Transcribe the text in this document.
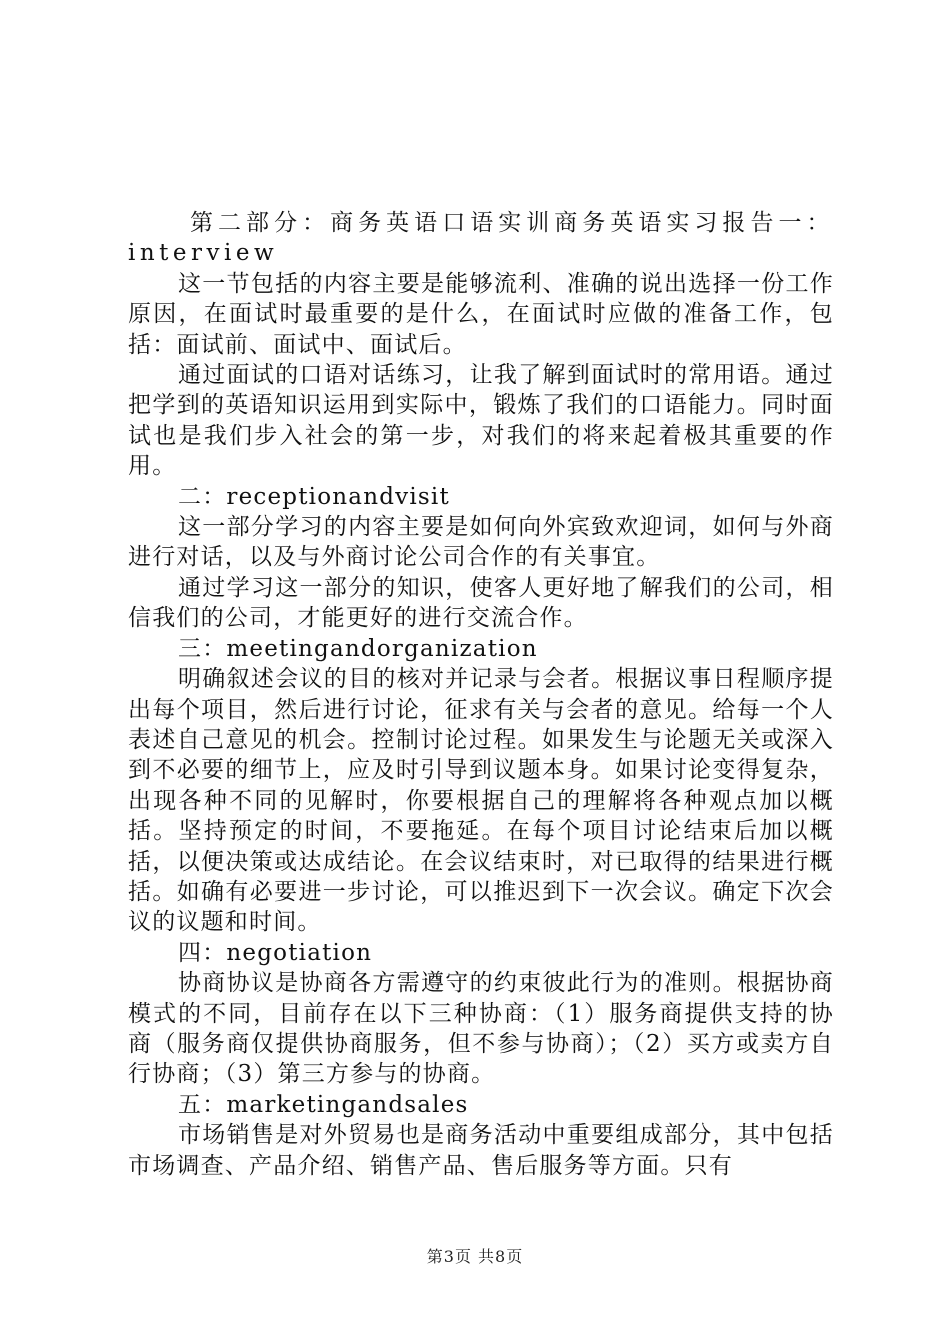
第二部分：商务英语口语实训商务英语实习报告一：interview

这一节包括的内容主要是能够流利、准确的说出选择一份工作原因，在面试时最重要的是什么，在面试时应做的准备工作，包括：面试前、面试中、面试后。

通过面试的口语对话练习，让我了解到面试时的常用语。通过把学到的英语知识运用到实际中，锻炼了我们的口语能力。同时面试也是我们步入社会的第一步，对我们的将来起着极其重要的作用。

二：receptionandvisit

这一部分学习的内容主要是如何向外宾致欢迎词，如何与外商进行对话，以及与外商讨论公司合作的有关事宜。

通过学习这一部分的知识，使客人更好地了解我们的公司，相信我们的公司，才能更好的进行交流合作。

三：meetingandorganization

明确叙述会议的目的核对并记录与会者。根据议事日程顺序提出每个项目，然后进行讨论，征求有关与会者的意见。给每一个人表述自己意见的机会。控制讨论过程。如果发生与论题无关或深入到不必要的细节上，应及时引导到议题本身。如果讨论变得复杂，出现各种不同的见解时，你要根据自己的理解将各种观点加以概括。坚持预定的时间，不要拖延。在每个项目讨论结束后加以概括，以便决策或达成结论。在会议结束时，对已取得的结果进行概括。如确有必要进一步讨论，可以推迟到下一次会议。确定下次会议的议题和时间。

四：negotiation

协商协议是协商各方需遵守的约束彼此行为的准则。根据协商模式的不同，目前存在以下三种协商：（1）服务商提供支持的协商（服务商仅提供协商服务，但不参与协商）；（2）买方或卖方自行协商；（3）第三方参与的协商。

五：marketingandsales

市场销售是对外贸易也是商务活动中重要组成部分，其中包括市场调查、产品介绍、销售产品、售后服务等方面。只有

第3页 共8页
